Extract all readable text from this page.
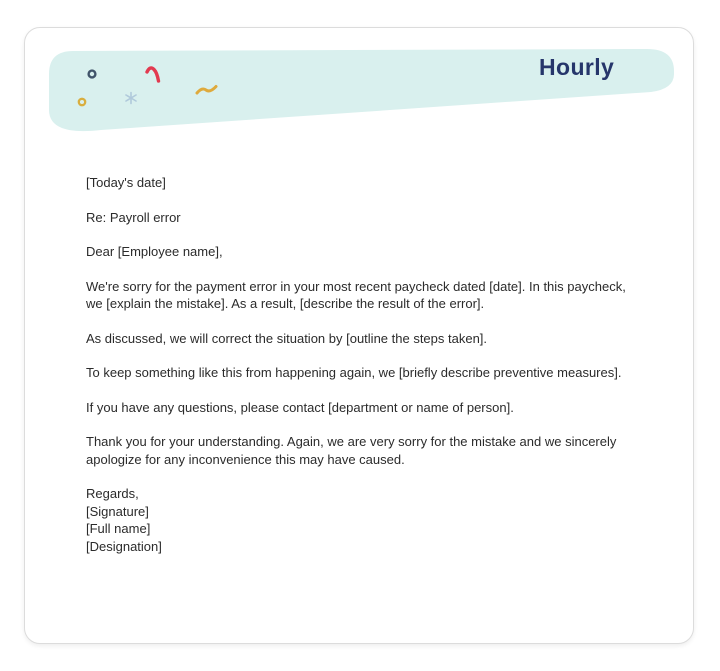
Hourly

[Today's date]

Re: Payroll error

Dear [Employee name],

We're sorry for the payment error in your most recent paycheck dated [date]. In this paycheck,
we [explain the mistake]. As a result, [describe the result of the error].
As discussed, we will correct the situation by [outline the steps taken].
To keep something like this from happening again, we [briefly describe preventive measures].
If you have any questions, please contact [department or name of person].
Thank you for your understanding. Again, we are very sorry for the mistake and we sincerely
apologize for any inconvenience this may have caused.
Regards,
[Signature]
[Full name]
[Designation]
